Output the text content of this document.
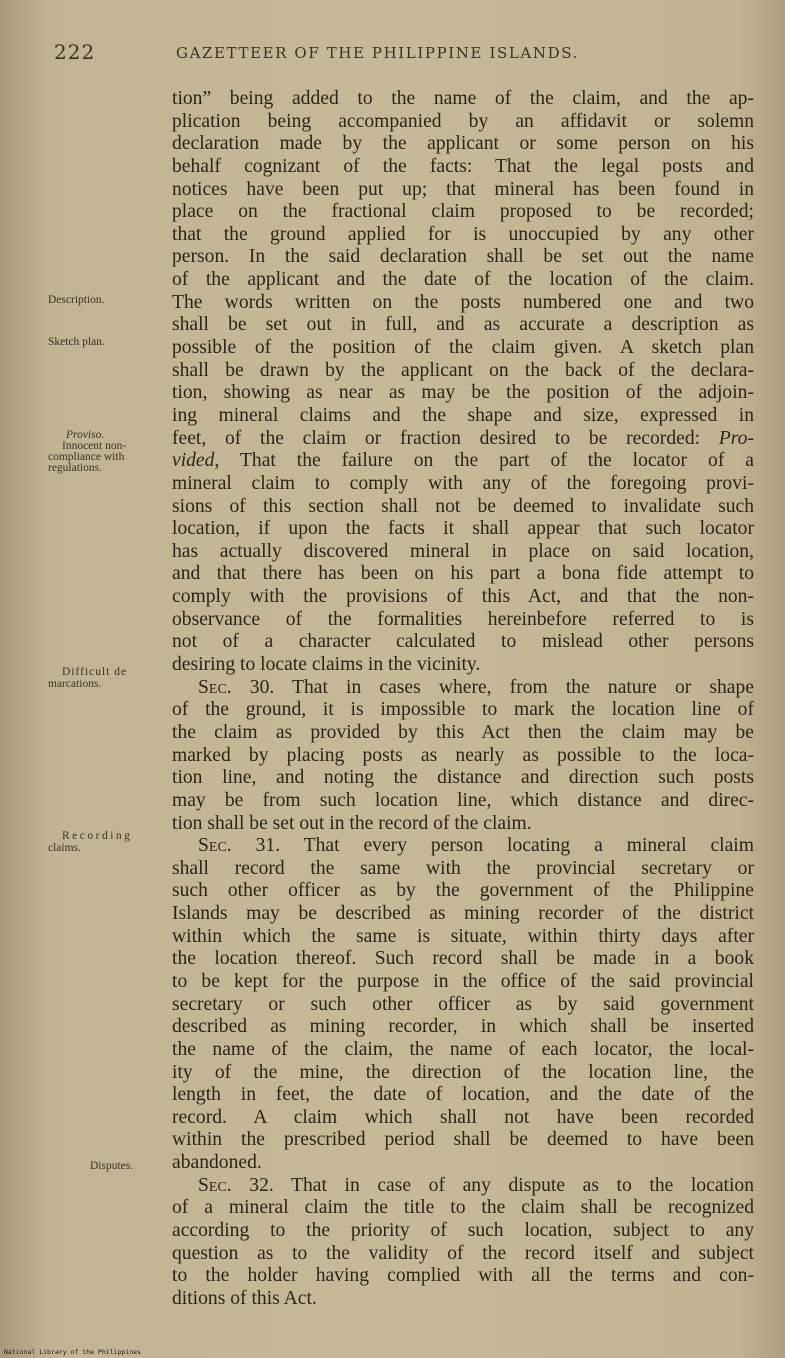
222	GAZETTEER OF THE PHILIPPINE ISLANDS.
tion” being added to the name of the claim, and the ap-
plication being accompanied by an affidavit or solemn
declaration made by the applicant or some person on his
behalf cognizant of the facts: That the legal posts and
notices have been put up; that mineral has been found in
place on the fractional claim proposed to be recorded;
that the ground applied for is unoccupied by any other
person. In the said declaration shall be set out the name
of the applicant and the date of the location of the claim.
The words written on the posts numbered one and two
shall be set out in full, and as accurate a description as
possible of the position of the claim given. A sketch plan
shall be drawn by the applicant on the back of the declara-
tion, showing as near as may be the position of the adjoin-
ing mineral claims and the shape and size, expressed in
feet, of the claim or fraction desired to be recorded: Pro-
vided, That the failure on the part of the locator of a
mineral claim to comply with any of the foregoing provi-
sions of this section shall not be deemed to invalidate such
location, if upon the facts it shall appear that such locator
has actually discovered mineral in place on said location,
and that there has been on his part a bona fide attempt to
comply with the provisions of this Act, and that the non-
observance of the formalities hereinbefore referred to is
not of a character calculated to mislead other persons
desiring to locate claims in the vicinity.
Sec. 30. That in cases where, from the nature or shape
of the ground, it is impossible to mark the location line of
the claim as provided by this Act then the claim may be
marked by placing posts as nearly as possible to the loca-
tion line, and noting the distance and direction such posts
may be from such location line, which distance and direc-
tion shall be set out in the record of the claim.
Sec. 31. That every person locating a mineral claim
shall record the same with the provincial secretary or
such other officer as by the government of the Philippine
Islands may be described as mining recorder of the district
within which the same is situate, within thirty days after
the location thereof. Such record shall be made in a book
to be kept for the purpose in the office of the said provincial
secretary or such other officer as by said government
described as mining recorder, in which shall be inserted
the name of the claim, the name of each locator, the local-
ity of the mine, the direction of the location line, the
length in feet, the date of location, and the date of the
record. A claim which shall not have been recorded
within the prescribed period shall be deemed to have been
abandoned.
Sec. 32. That in case of any dispute as to the location
of a mineral claim the title to the claim shall be recognized
according to the priority of such location, subject to any
question as to the validity of the record itself and subject
to the holder having complied with all the terms and con-
ditions of this Act.
Description.
Sketch plan.
Proviso.
Innocent non-
compliance with
regulations.
Difficult de
marcations.
Recording
claims.
Disputes.
National Library of the Philippines
